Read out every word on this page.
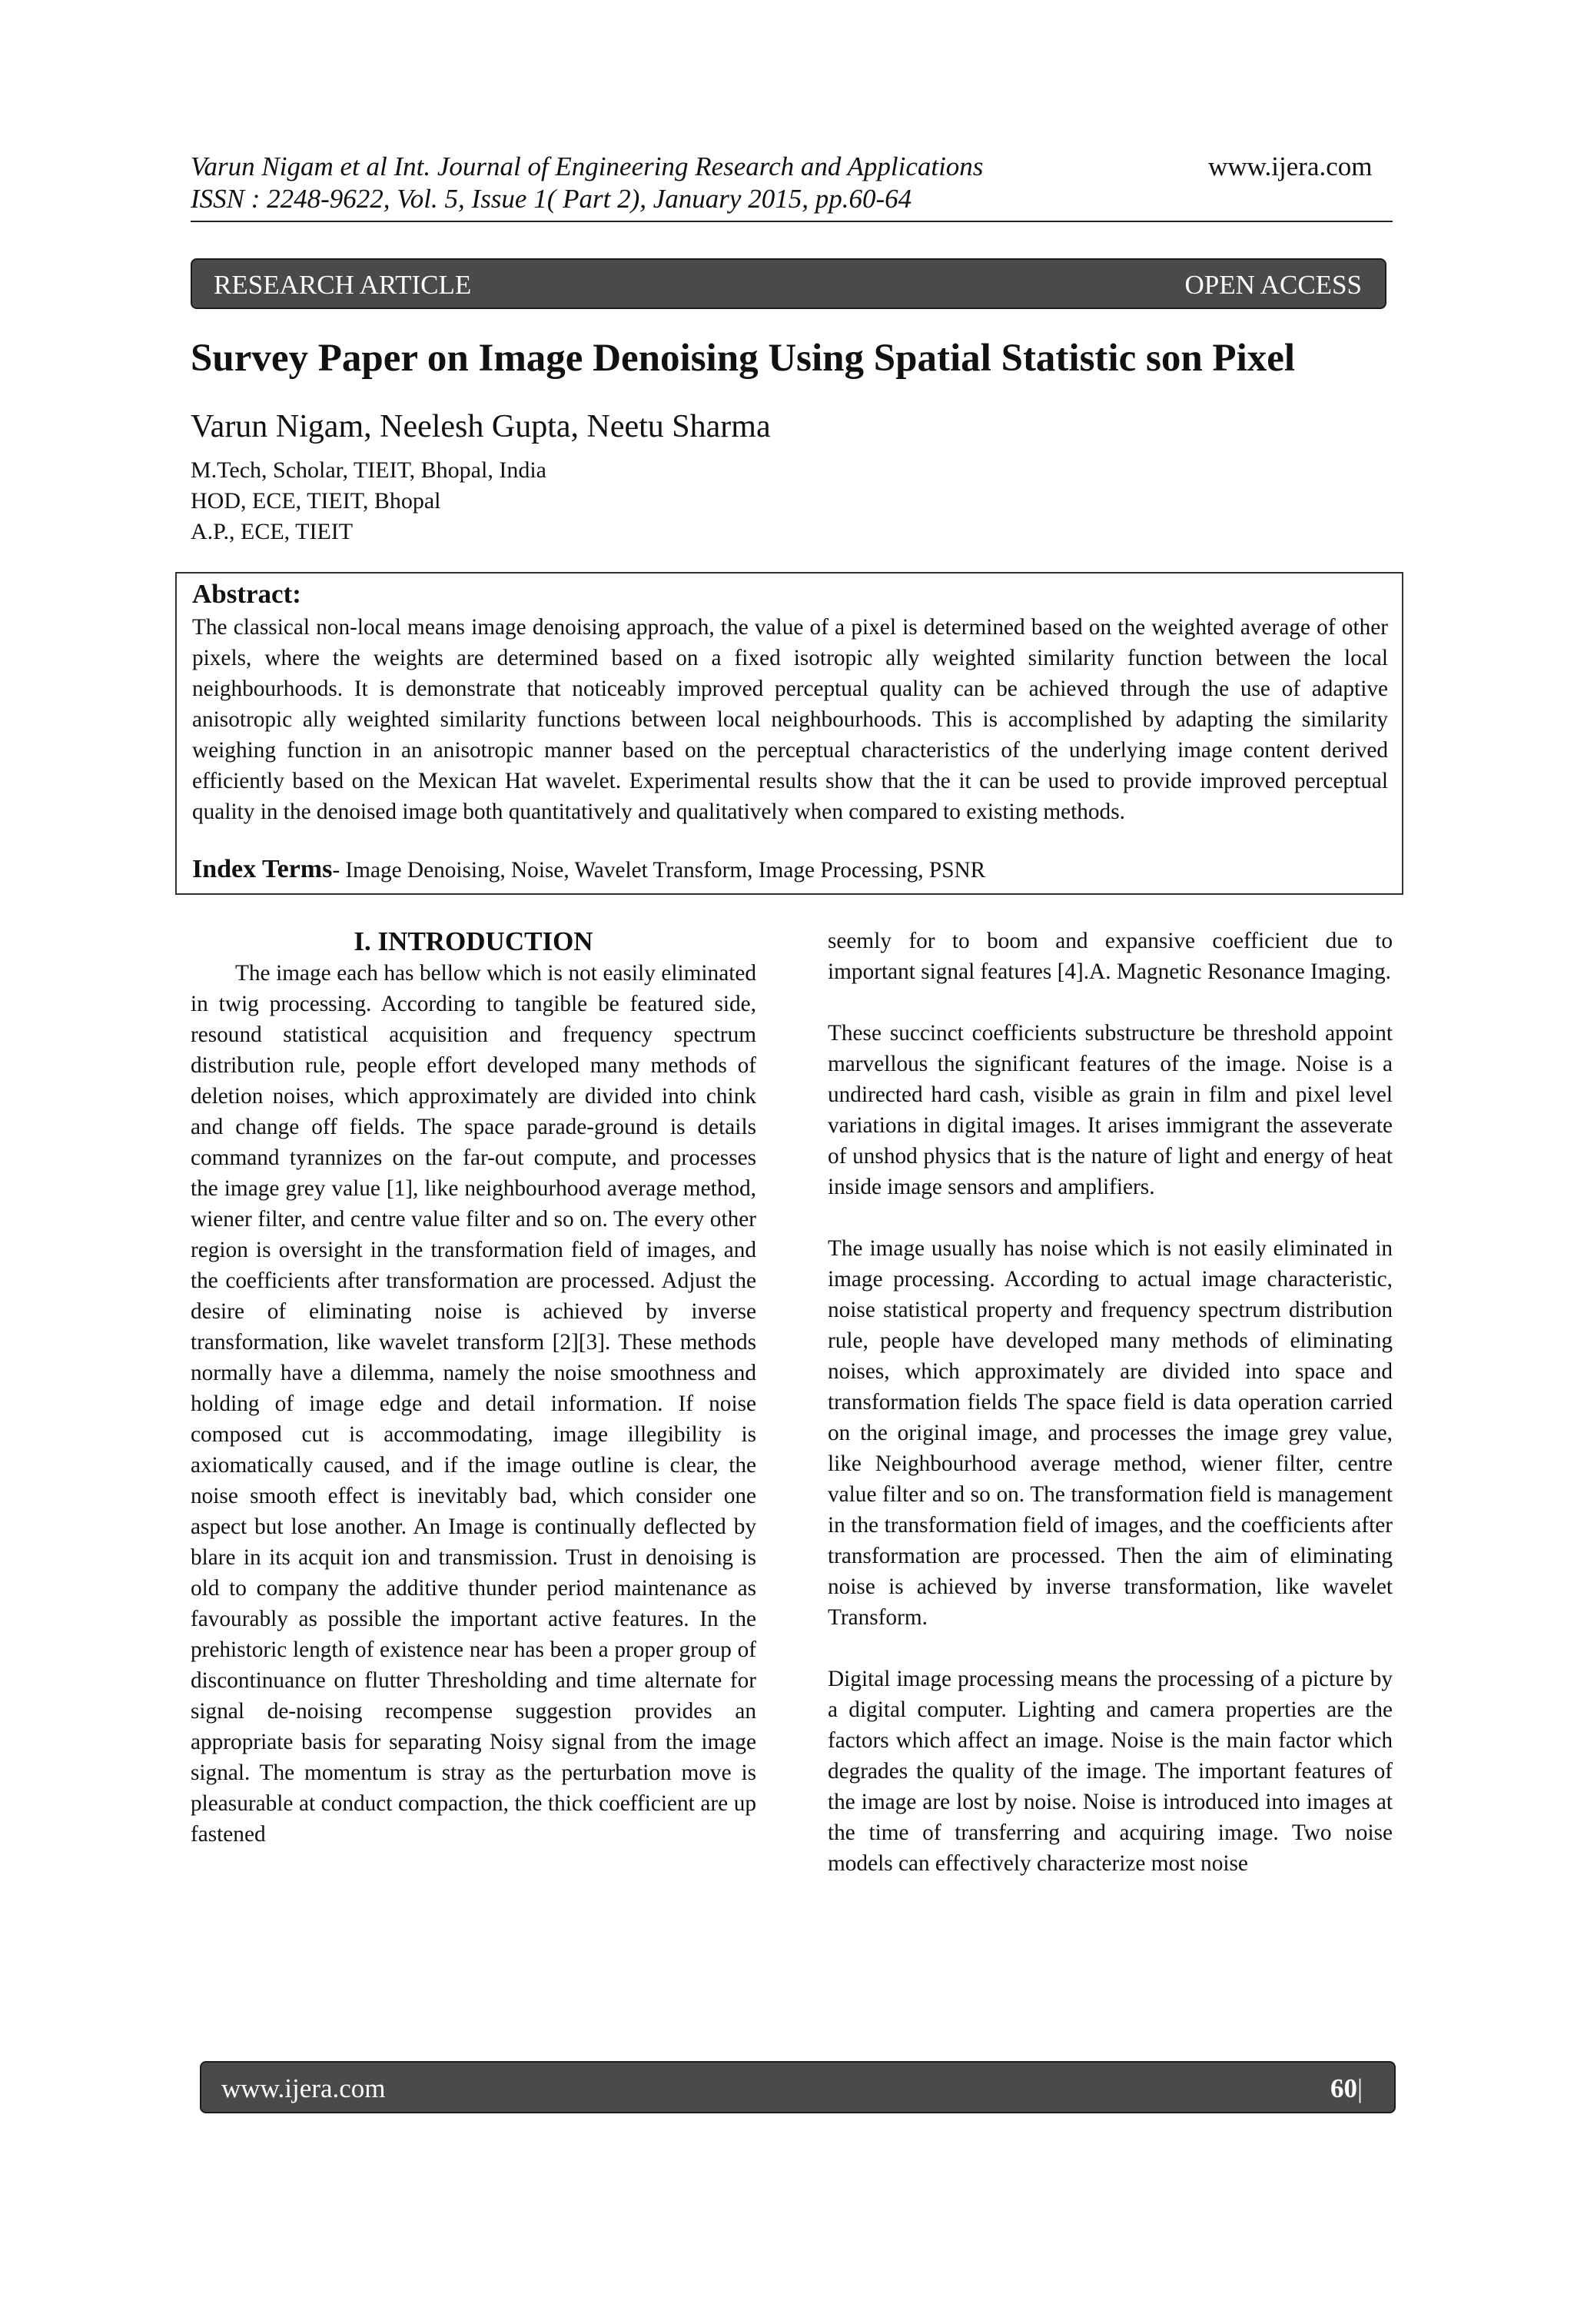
Varun Nigam et al Int. Journal of Engineering Research and Applications
ISSN : 2248-9622, Vol. 5, Issue 1( Part 2), January 2015, pp.60-64
www.ijera.com
RESEARCH ARTICLE	OPEN ACCESS
Survey Paper on Image Denoising Using Spatial Statistic son Pixel
Varun Nigam, Neelesh Gupta, Neetu Sharma
M.Tech, Scholar, TIEIT, Bhopal, India
HOD, ECE, TIEIT, Bhopal
A.P., ECE, TIEIT
Abstract:
The classical non-local means image denoising approach, the value of a pixel is determined based on the weighted average of other pixels, where the weights are determined based on a fixed isotropic ally weighted similarity function between the local neighbourhoods. It is demonstrate that noticeably improved perceptual quality can be achieved through the use of adaptive anisotropic ally weighted similarity functions between local neighbourhoods. This is accomplished by adapting the similarity weighing function in an anisotropic manner based on the perceptual characteristics of the underlying image content derived efficiently based on the Mexican Hat wavelet. Experimental results show that the it can be used to provide improved perceptual quality in the denoised image both quantitatively and qualitatively when compared to existing methods.
Index Terms- Image Denoising, Noise, Wavelet Transform, Image Processing, PSNR
I. INTRODUCTION

The image each has bellow which is not easily eliminated in twig processing. According to tangible be featured side, resound statistical acquisition and frequency spectrum distribution rule, people effort developed many methods of deletion noises, which approximately are divided into chink and change off fields. The space parade-ground is details command tyrannizes on the far-out compute, and processes the image grey value [1], like neighbourhood average method, wiener filter, and centre value filter and so on. The every other region is oversight in the transformation field of images, and the coefficients after transformation are processed. Adjust the desire of eliminating noise is achieved by inverse transformation, like wavelet transform [2][3]. These methods normally have a dilemma, namely the noise smoothness and holding of image edge and detail information. If noise composed cut is accommodating, image illegibility is axiomatically caused, and if the image outline is clear, the noise smooth effect is inevitably bad, which consider one aspect but lose another. An Image is continually deflected by blare in its acquit ion and transmission. Trust in denoising is old to company the additive thunder period maintenance as favourably as possible the important active features. In the prehistoric length of existence near has been a proper group of discontinuance on flutter Thresholding and time alternate for signal de-noising recompense suggestion provides an appropriate basis for separating Noisy signal from the image signal. The momentum is stray as the perturbation move is pleasurable at conduct compaction, the thick coefficient are up fastened

seemly for to boom and expansive coefficient due to important signal features [4].A. Magnetic Resonance Imaging.

These succinct coefficients substructure be threshold appoint marvellous the significant features of the image. Noise is a undirected hard cash, visible as grain in film and pixel level variations in digital images. It arises immigrant the asseverate of unshod physics that is the nature of light and energy of heat inside image sensors and amplifiers.

The image usually has noise which is not easily eliminated in image processing. According to actual image characteristic, noise statistical property and frequency spectrum distribution rule, people have developed many methods of eliminating noises, which approximately are divided into space and transformation fields The space field is data operation carried on the original image, and processes the image grey value, like Neighbourhood average method, wiener filter, centre value filter and so on. The transformation field is management in the transformation field of images, and the coefficients after transformation are processed. Then the aim of eliminating noise is achieved by inverse transformation, like wavelet Transform.

Digital image processing means the processing of a picture by a digital computer. Lighting and camera properties are the factors which affect an image. Noise is the main factor which degrades the quality of the image. The important features of the image are lost by noise. Noise is introduced into images at the time of transferring and acquiring image. Two noise models can effectively characterize most noise

www.ijera.com	60 | P a g e
